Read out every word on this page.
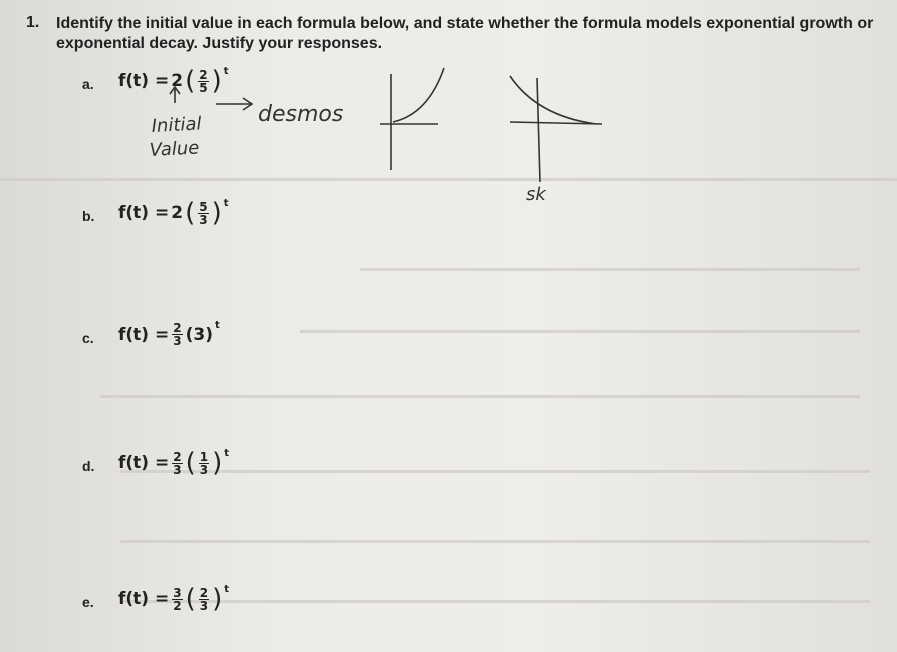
1. Identify the initial value in each formula below, and state whether the formula models exponential growth or exponential decay. Justify your responses.
a. f(t) = 2 ( $\frac{2}{5}$ ) t
b. f(t) = 2 ( $\frac{5}{3}$ ) t
c. $f(t) = \frac{2}{3} (3)$ t
d. $f(t) = \frac{2}{3}$ ( $\frac{1}{3}$ ) t
e. $f(t) = \frac{3}{2}$ ( $\frac{2}{3}$ ) t
Initial
Value
desmos
sk
